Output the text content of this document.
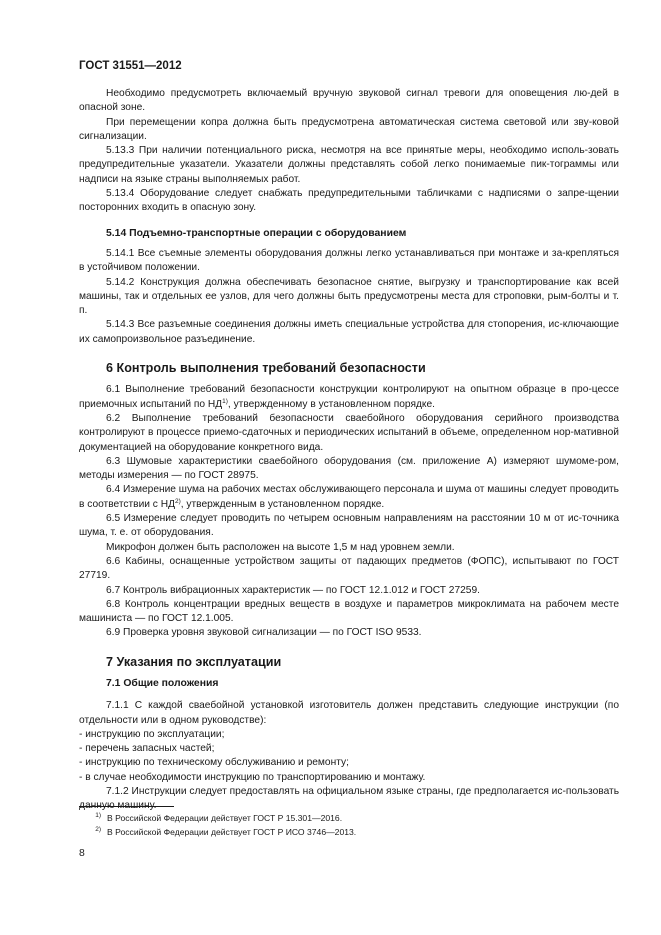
ГОСТ 31551—2012

Необходимо предусмотреть включаемый вручную звуковой сигнал тревоги для оповещения лю-дей в опасной зоне.

При перемещении копра должна быть предусмотрена автоматическая система световой или зву-ковой сигнализации.

5.13.3 При наличии потенциального риска, несмотря на все принятые меры, необходимо исполь-зовать предупредительные указатели. Указатели должны представлять собой легко понимаемые пик-тограммы или надписи на языке страны выполняемых работ.

5.13.4 Оборудование следует снабжать предупредительными табличками с надписями о запре-щении посторонних входить в опасную зону.

5.14 Подъемно-транспортные операции с оборудованием

5.14.1 Все съемные элементы оборудования должны легко устанавливаться при монтаже и за-крепляться в устойчивом положении.

5.14.2 Конструкция должна обеспечивать безопасное снятие, выгрузку и транспортирование как всей машины, так и отдельных ее узлов, для чего должны быть предусмотрены места для строповки, рым-болты и т. п.

5.14.3 Все разъемные соединения должны иметь специальные устройства для стопорения, ис-ключающие их самопроизвольное разъединение.

6 Контроль выполнения требований безопасности

6.1 Выполнение требований безопасности конструкции контролируют на опытном образце в про-цессе приемочных испытаний по НД$^{1)}$, утвержденному в установленном порядке.

6.2 Выполнение требований безопасности сваебойного оборудования серийного производства контролируют в процессе приемо-сдаточных и периодических испытаний в объеме, определенном нор-мативной документацией на оборудование конкретного вида.

6.3 Шумовые характеристики сваебойного оборудования (см. приложение А) измеряют шумоме-ром, методы измерения — по ГОСТ 28975.

6.4 Измерение шума на рабочих местах обслуживающего персонала и шума от машины следует проводить в соответствии с НД$^{2)}$, утвержденным в установленном порядке.

6.5 Измерение следует проводить по четырем основным направлениям на расстоянии 10 м от ис-точника шума, т. е. от оборудования.

Микрофон должен быть расположен на высоте 1,5 м над уровнем земли.

6.6 Кабины, оснащенные устройством защиты от падающих предметов (ФОПС), испытывают по ГОСТ 27719.

6.7 Контроль вибрационных характеристик — по ГОСТ 12.1.012 и ГОСТ 27259.

6.8 Контроль концентрации вредных веществ в воздухе и параметров микроклимата на рабочем месте машиниста — по ГОСТ 12.1.005.

6.9 Проверка уровня звуковой сигнализации — по ГОСТ ISO 9533.

7 Указания по эксплуатации
7.1 Общие положения

7.1.1 С каждой сваебойной установкой изготовитель должен представить следующие инструкции (по отдельности или в одном руководстве):

- инструкцию по эксплуатации;

- перечень запасных частей;

- инструкцию по техническому обслуживанию и ремонту;

- в случае необходимости инструкцию по транспортированию и монтажу.

7.1.2 Инструкции следует предоставлять на официальном языке страны, где предполагается ис-пользовать данную машину.

$^{1)}$ В Российской Федерации действует ГОСТ Р 15.301—2016.
$^{2)}$ В Российской Федерации действует ГОСТ Р ИСО 3746—2013.
8
